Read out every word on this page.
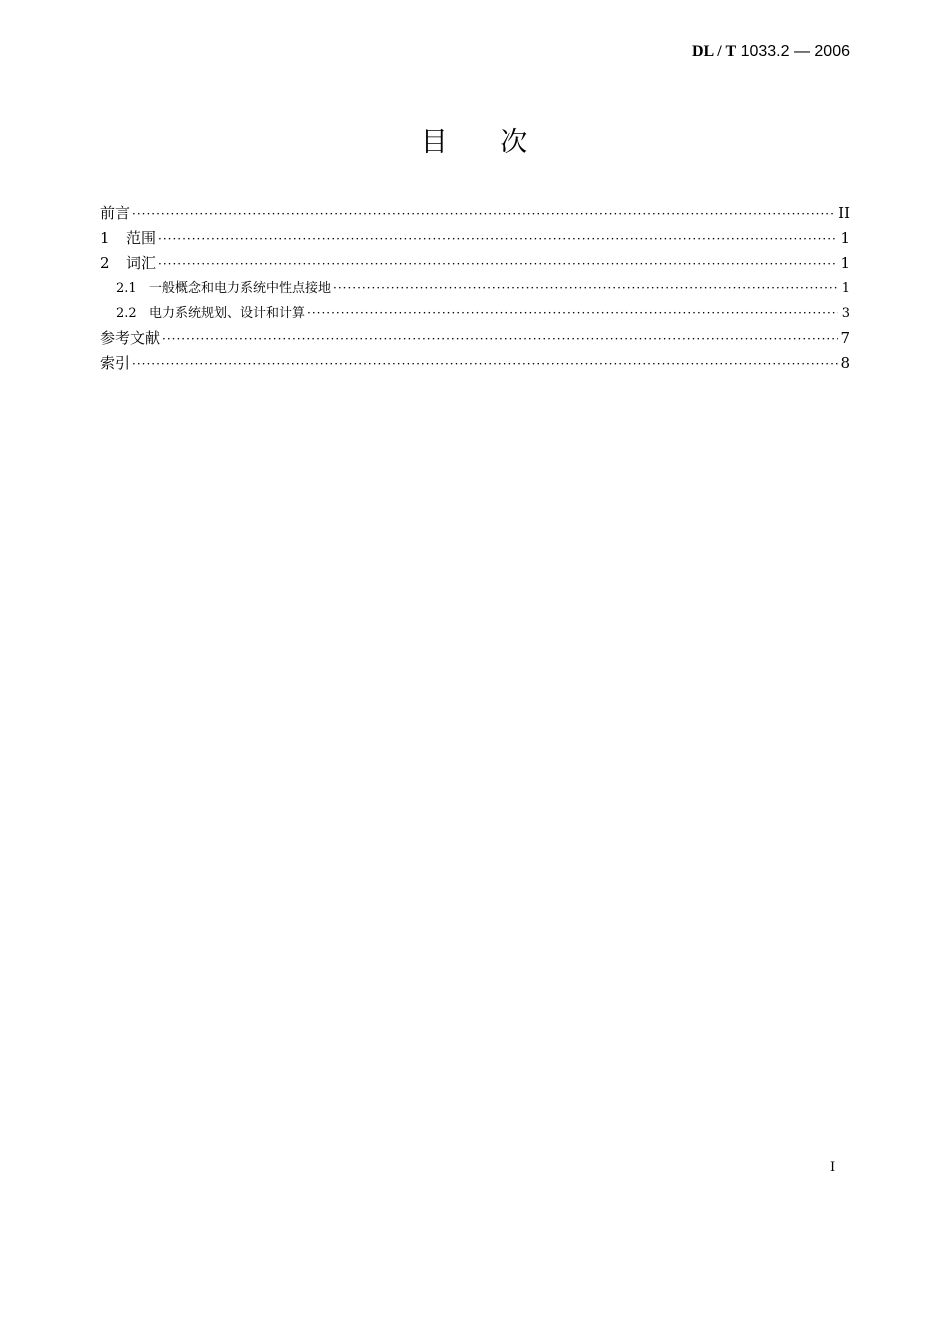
DL / T 1033.2 — 2006
目 次
前言 ·····	II
1	范围 ·····	1
2	词汇 ·····	1
2.1 一般概念和电力系统中性点接地 ·····	1
2.2 电力系统规划、设计和计算 ·····	3
参考文献 ·····	7
索引 ·····	8
I
